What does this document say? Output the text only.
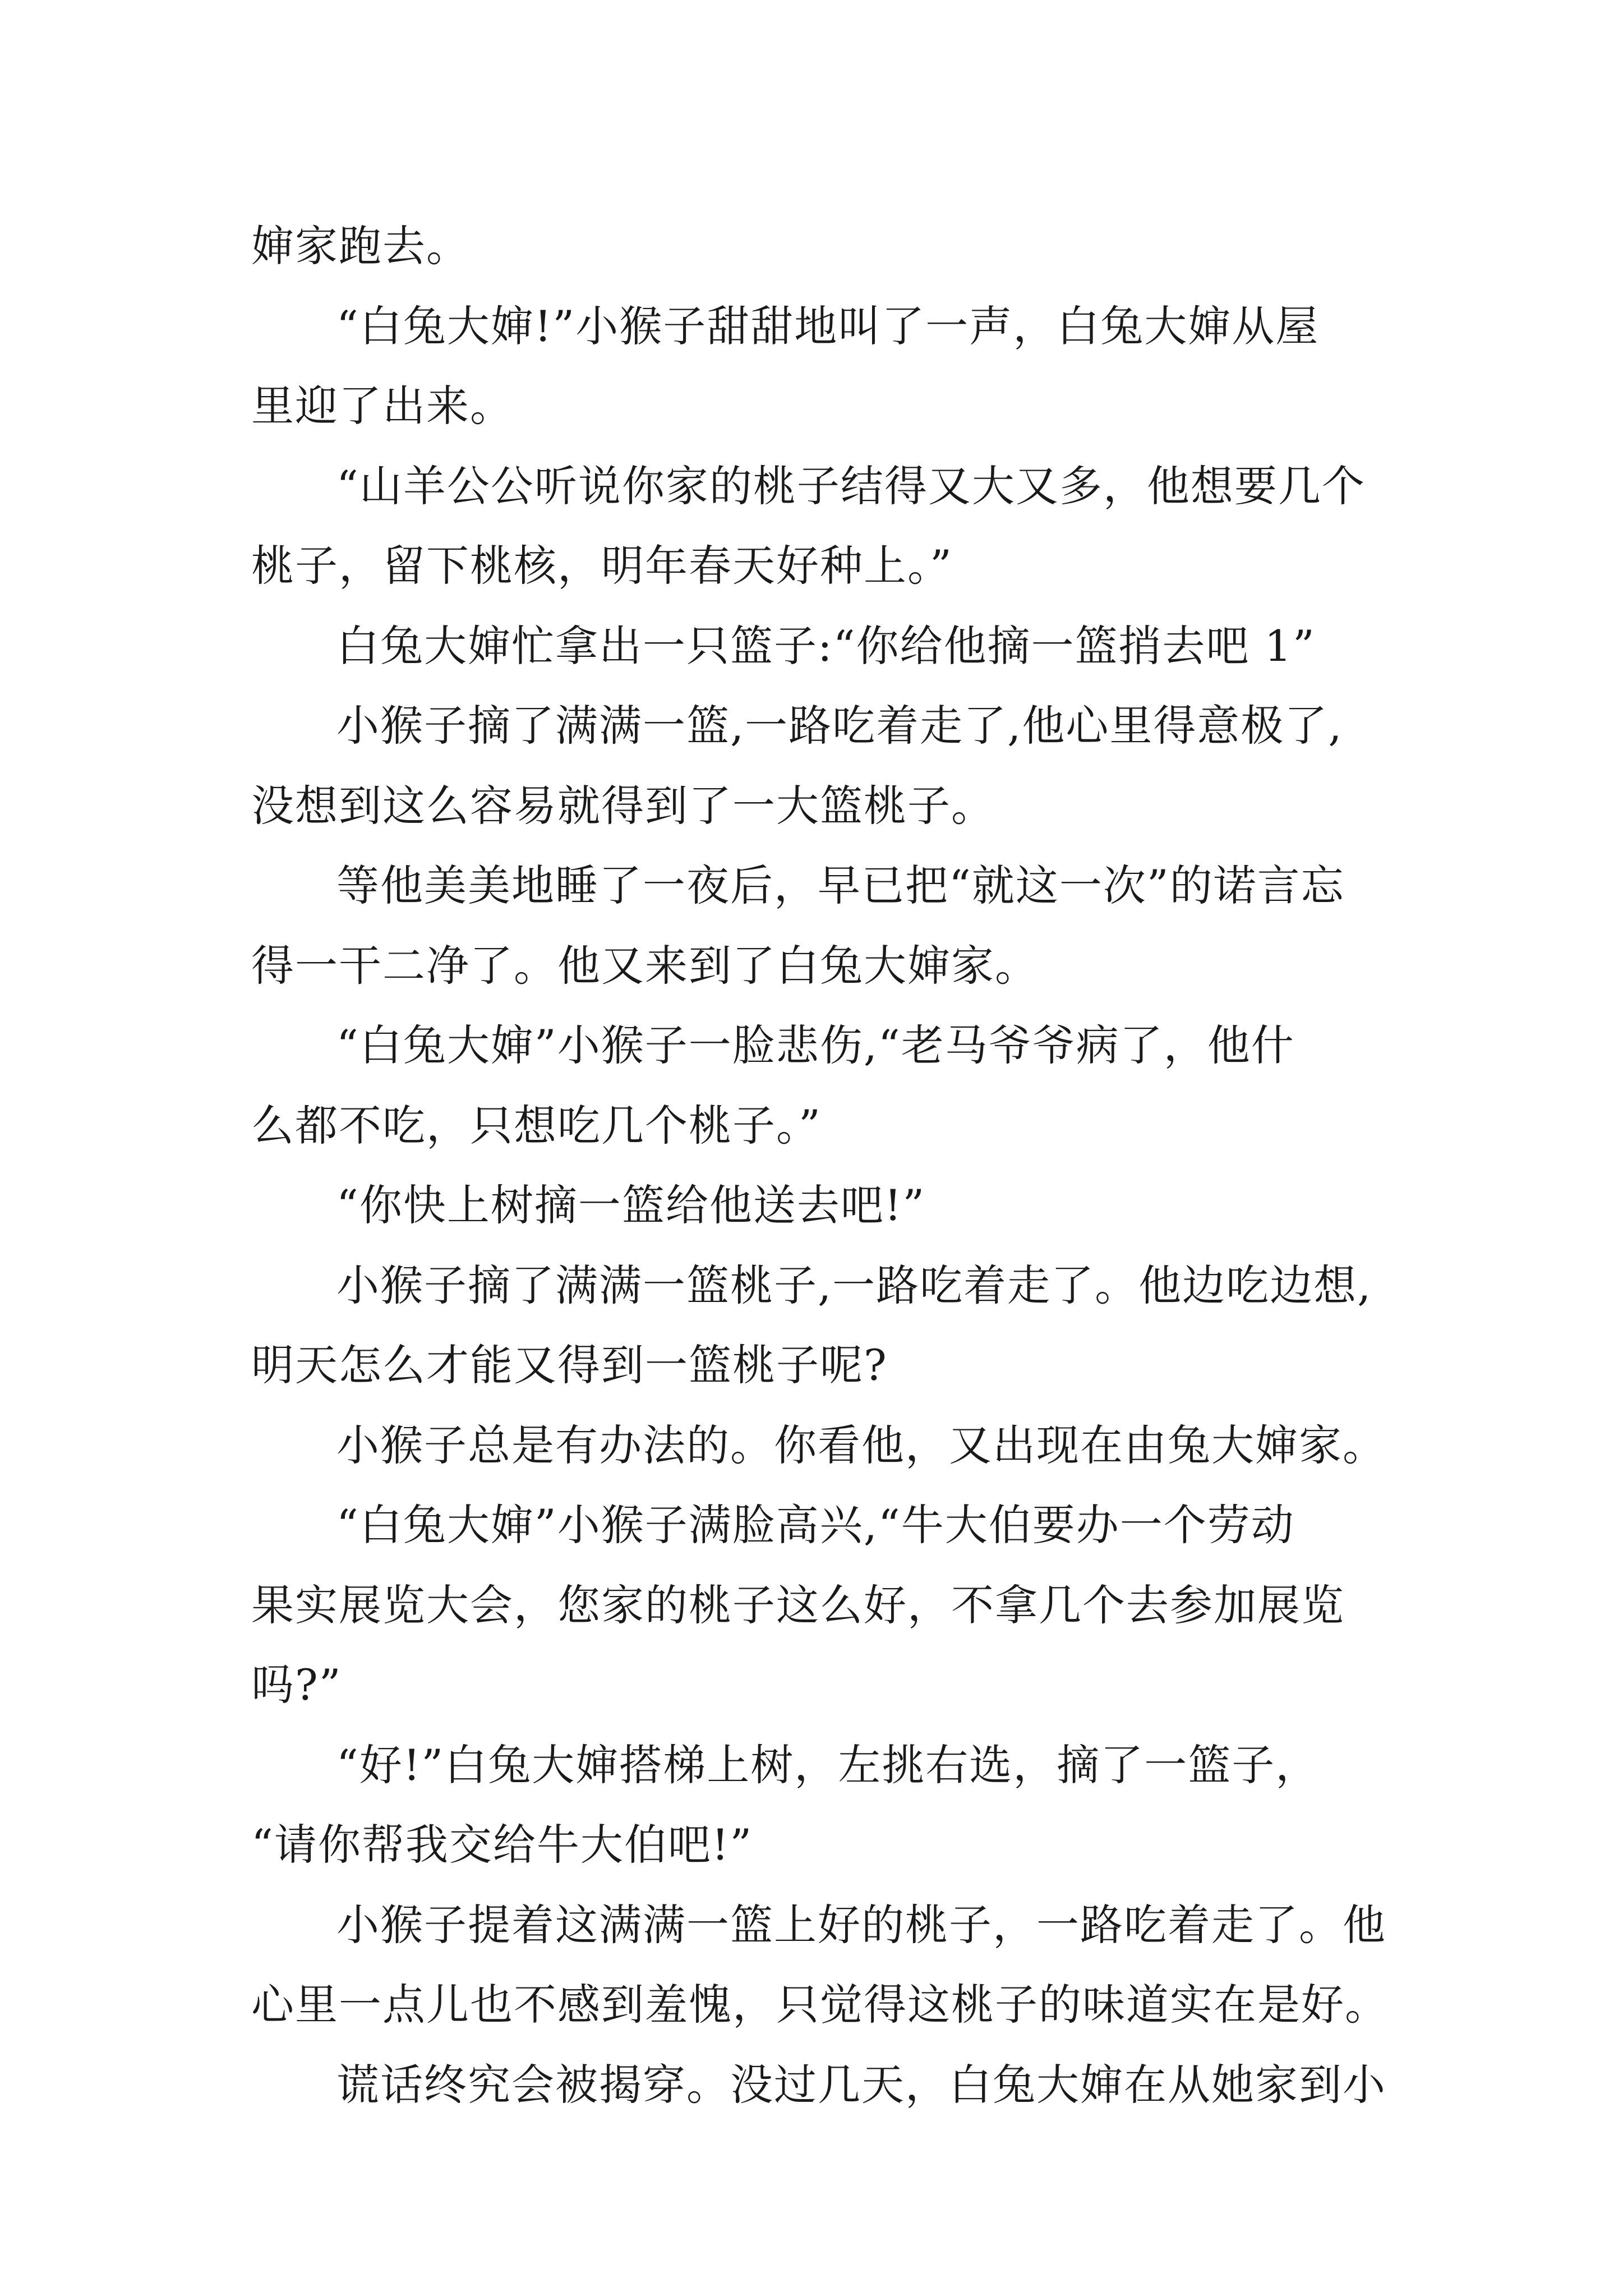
婶家跑去。
“白兔大婶!”小猴子甜甜地叫了一声，白兔大婶从屋
里迎了出来。
“山羊公公听说你家的桃子结得又大又多，他想要几个
桃子，留下桃核，明年春天好种上。”
白兔大婶忙拿出一只篮子:“你给他摘一篮捎去吧 1”
小猴子摘了满满一篮,一路吃着走了,他心里得意极了,
没想到这么容易就得到了一大篮桃子。
等他美美地睡了一夜后，早已把“就这一次”的诺言忘
得一干二净了。他又来到了白兔大婶家。
“白兔大婶”小猴子一脸悲伤,“老马爷爷病了，他什
么都不吃，只想吃几个桃子。”
“你快上树摘一篮给他送去吧!”
小猴子摘了满满一篮桃子,一路吃着走了。他边吃边想,
明天怎么才能又得到一篮桃子呢?
小猴子总是有办法的。你看他，又出现在由兔大婶家。
“白兔大婶”小猴子满脸高兴,“牛大伯要办一个劳动
果实展览大会，您家的桃子这么好，不拿几个去参加展览
吗?”
“好!”白兔大婶搭梯上树，左挑右选，摘了一篮子，
“请你帮我交给牛大伯吧!”
小猴子提着这满满一篮上好的桃子，一路吃着走了。他
心里一点儿也不感到羞愧，只觉得这桃子的味道实在是好。
谎话终究会被揭穿。没过几天，白兔大婶在从她家到小
